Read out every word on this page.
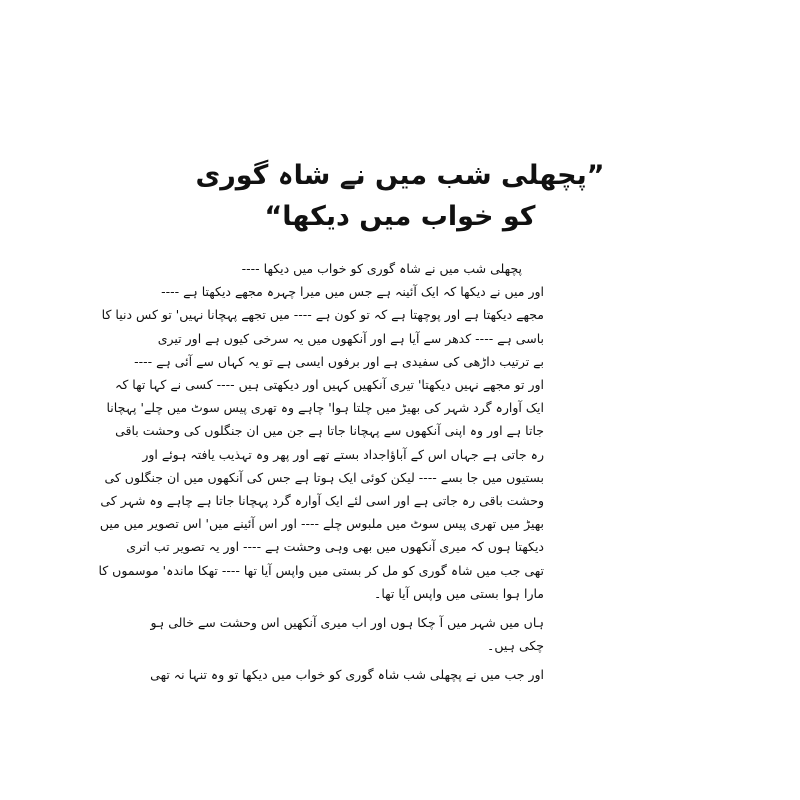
”پچھلی شب میں نے شاہ گوری
کو خواب میں دیکھا“
پچھلی شب میں نے شاہ گوری کو خواب میں دیکھا ----
اور میں نے دیکھا کہ ایک آئینہ ہے جس میں میرا چہرہ مجھے دیکھتا ہے ----
مجھے دیکھتا ہے اور پوچھتا ہے کہ تو کون ہے ---- میں تجھے پہچانا نہیں' تو کس دنیا کا
باسی ہے ---- کدھر سے آیا ہے اور آنکھوں میں یہ سرخی کیوں ہے اور تیری
بے ترتیب داڑھی کی سفیدی ہے اور برفوں ایسی ہے تو یہ کہاں سے آئی ہے ----
اور تو مجھے نہیں دیکھتا' تیری آنکھیں کہیں اور دیکھتی ہیں ---- کسی نے کہا تھا کہ
ایک آوارہ گرد شہر کی بھیڑ میں چلتا ہوا' چاہے وہ تھری پیس سوٹ میں چلے' پہچانا
جاتا ہے اور وہ اپنی آنکھوں سے پہچانا جاتا ہے جن میں ان جنگلوں کی وحشت باقی
رہ جاتی ہے جہاں اس کے آباؤاجداد بستے تھے اور پھر وہ تہذیب یافتہ ہوئے اور
بستیوں میں جا بسے ---- لیکن کوئی ایک ہوتا ہے جس کی آنکھوں میں ان جنگلوں کی
وحشت باقی رہ جاتی ہے اور اسی لئے ایک آوارہ گرد پہچانا جاتا ہے چاہے وہ شہر کی
بھیڑ میں تھری پیس سوٹ میں ملبوس چلے ---- اور اس آئینے میں' اس تصویر میں میں
دیکھتا ہوں کہ میری آنکھوں میں بھی وہی وحشت ہے ---- اور یہ تصویر تب اتری
تھی جب میں شاہ گوری کو مل کر بستی میں واپس آیا تھا ---- تھکا ماندہ' موسموں کا
مارا ہوا بستی میں واپس آیا تھا۔
ہاں میں شہر میں آ چکا ہوں اور اب میری آنکھیں اس وحشت سے خالی ہو
چکی ہیں۔
اور جب میں نے پچھلی شب شاہ گوری کو خواب میں دیکھا تو وہ تنہا نہ تھی
